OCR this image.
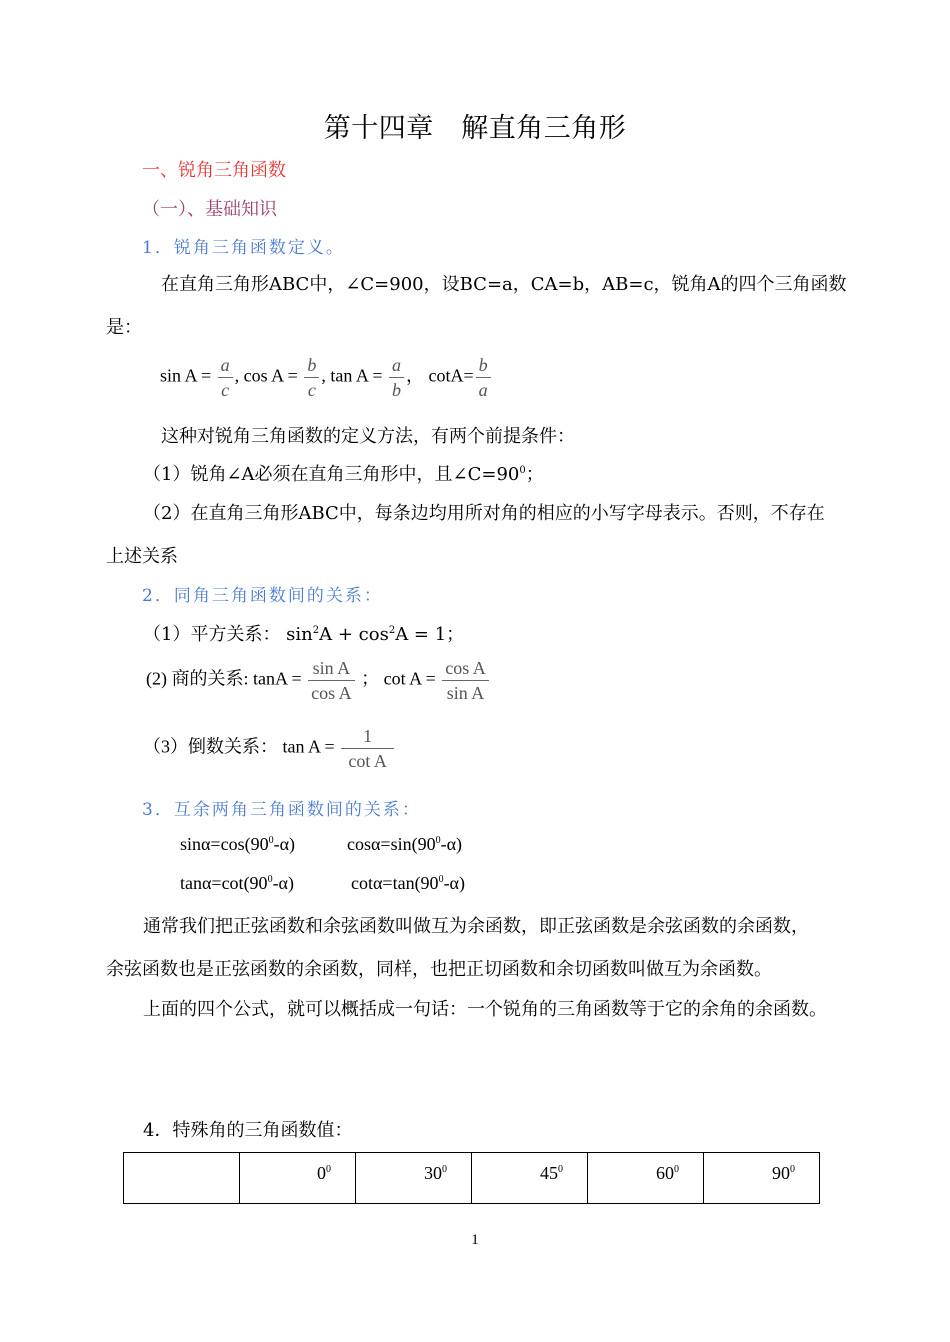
第十四章　解直角三角形
一、锐角三角函数
（一）、基础知识
1．锐角三角函数定义。
在直角三角形ABC中，∠C=900，设BC=a，CA=b，AB=c，锐角A的四个三角函数
是：
$\sin A = \frac{a}{c}$ , $\cos A = \frac{b}{c}$ , $\tan A = \frac{a}{b}$ ， $\cot A= \frac{b}{a}$
这种对锐角三角函数的定义方法，有两个前提条件：
（1）锐角∠A必须在直角三角形中，且$\angle C=90^0$；
（2）在直角三角形ABC中，每条边均用所对角的相应的小写字母表示。否则，不存在
上述关系
2．同角三角函数间的关系：
（1）平方关系： $\sin^2A + \cos^2A = 1$；
(2) 商的关系: $\tan A = \frac{\text{sin A}}{\text{cos A}}$ ； $\cot A = \frac{\text{cos A}}{\text{sin A}}$
（3）倒数关系： $\tan A = \frac{1}{\text{cot A}}$
3．互余两角三角函数间的关系：
$\sin\alpha=\cos(90^0-\alpha)$	$\cos\alpha=\sin(90^0-\alpha)$
$\tan\alpha=\cot(90^0-\alpha)$	$\cot\alpha=\tan(90^0-\alpha)$
通常我们把正弦函数和余弦函数叫做互为余函数，即正弦函数是余弦函数的余函数，
余弦函数也是正弦函数的余函数，同样，也把正切函数和余切函数叫做互为余函数。
上面的四个公式，就可以概括成一句话：一个锐角的三角函数等于它的余角的余函数。
4．特殊角的三角函数值：
	$0^0$	$30^0$	$45^0$	$60^0$	$90^0$
1
